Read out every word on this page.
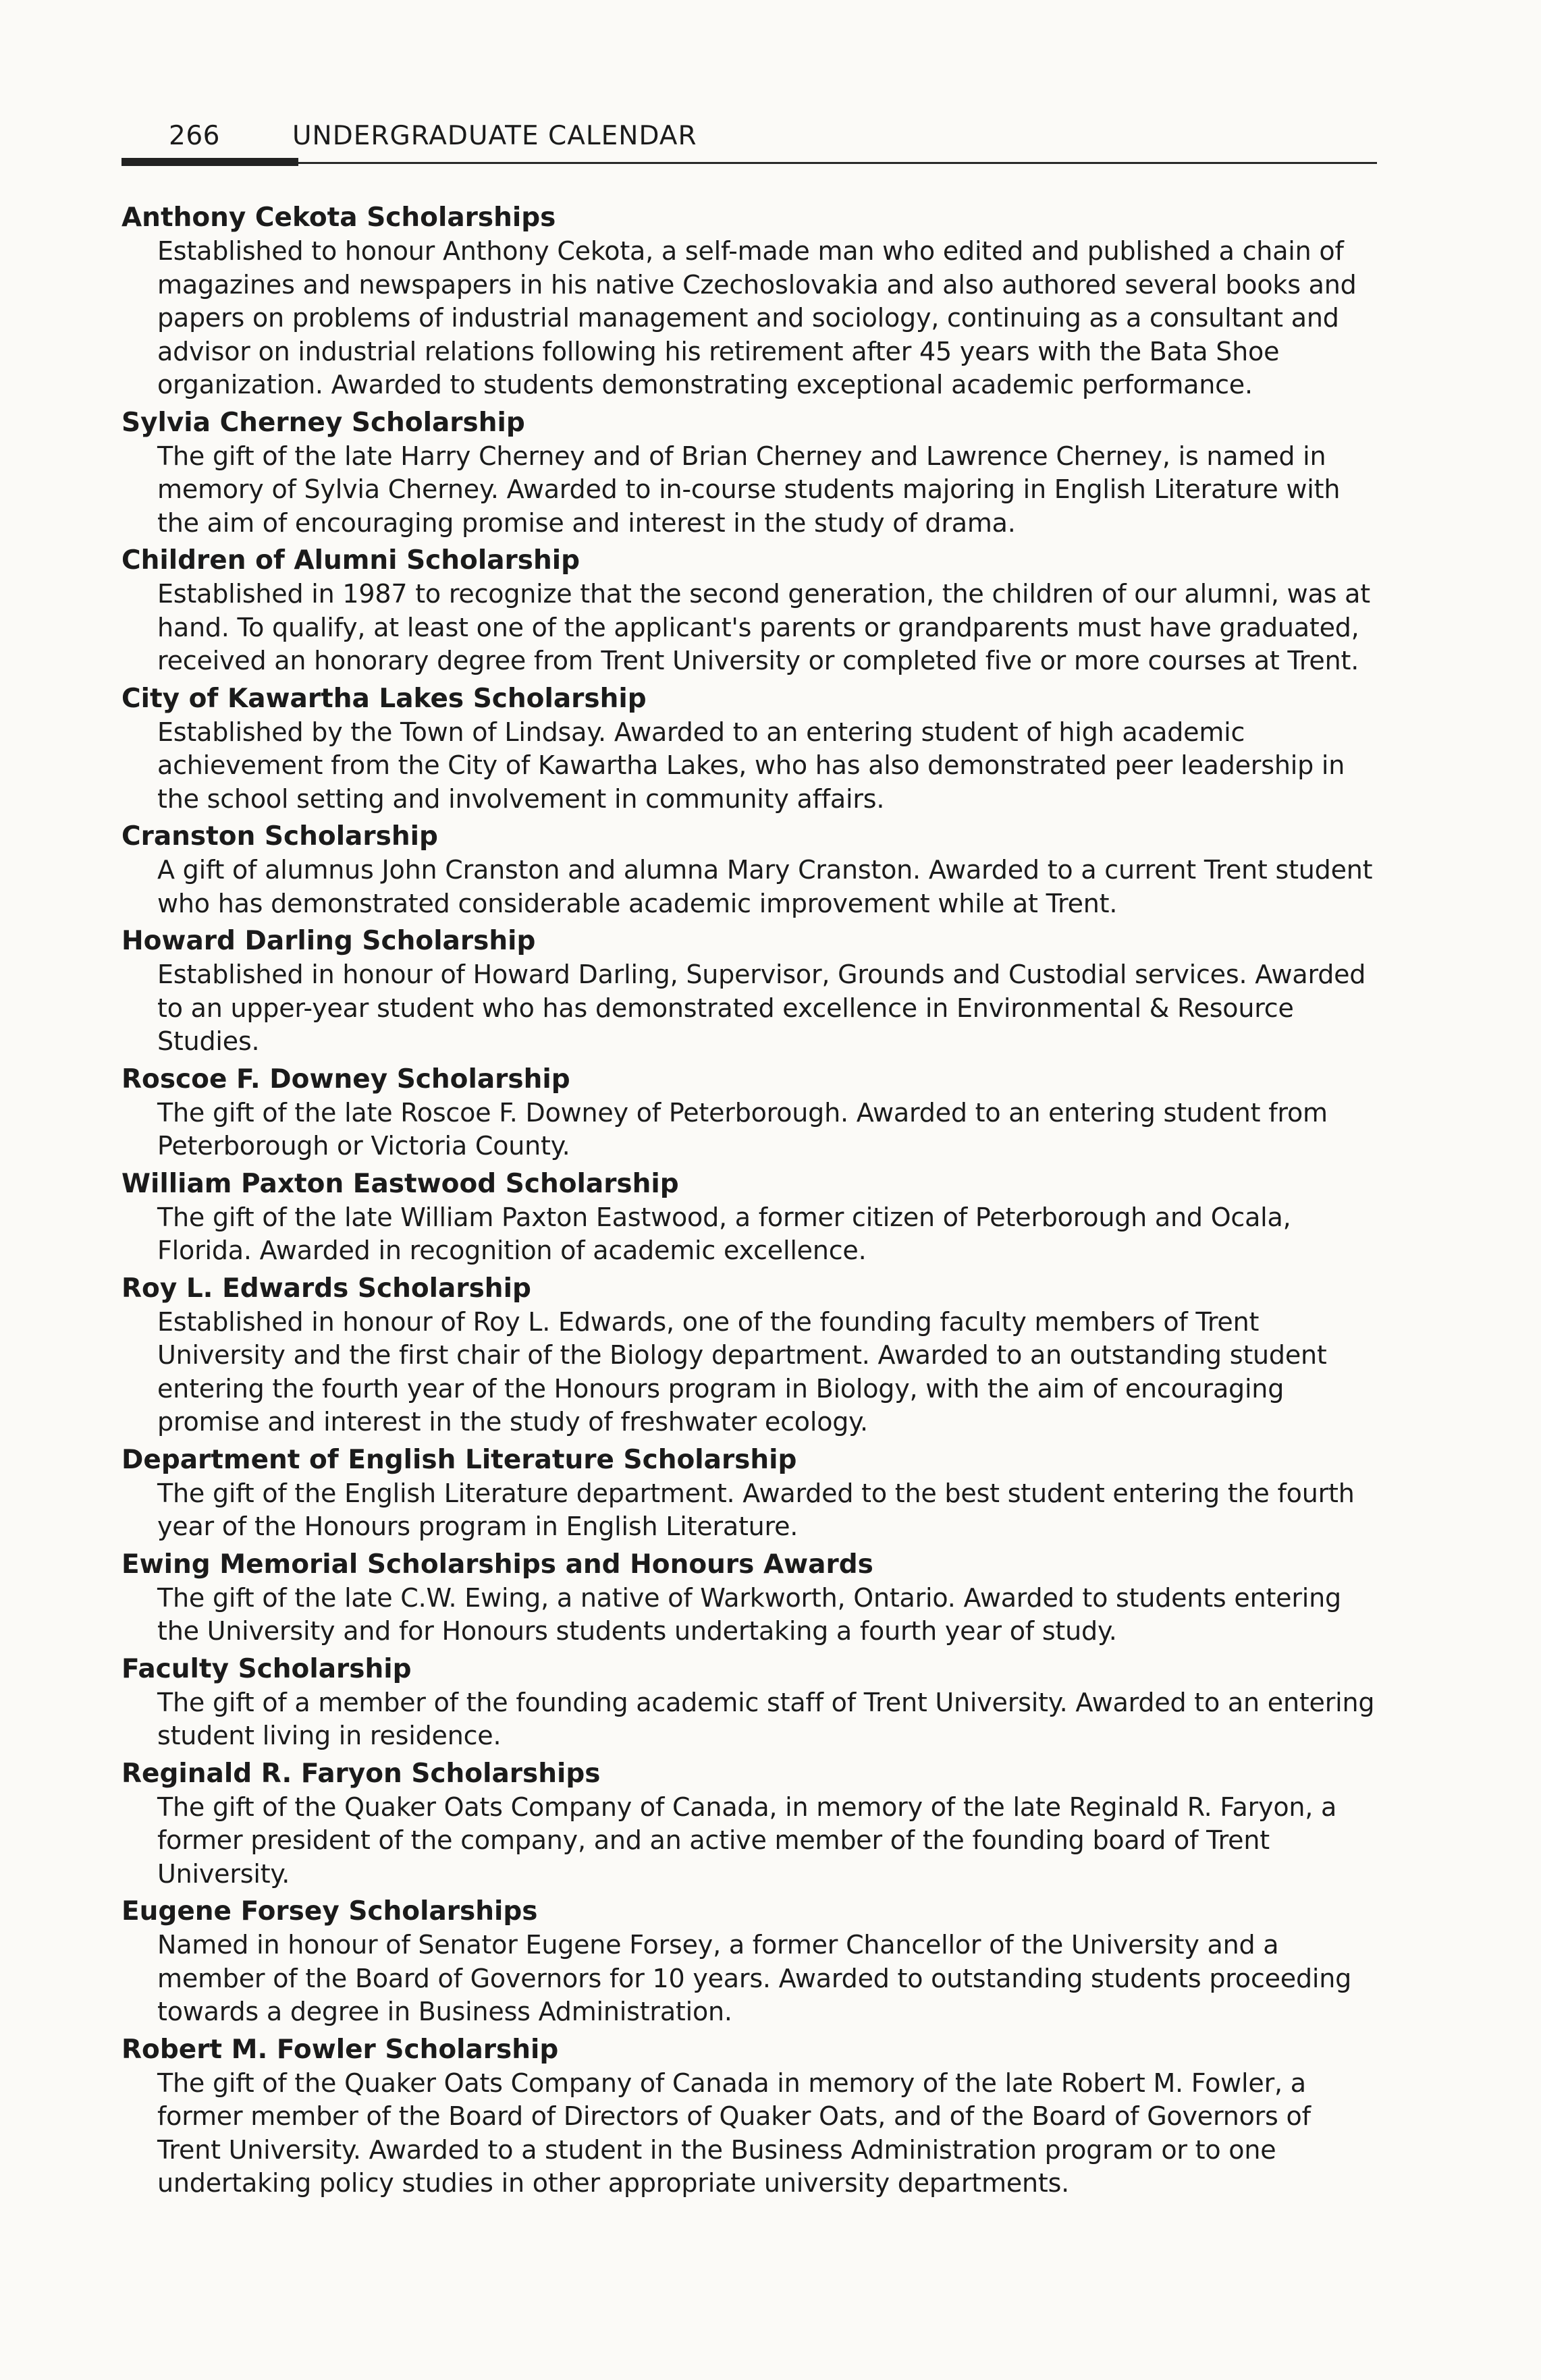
266	UNDERGRADUATE CALENDAR

Anthony Cekota Scholarships

Established to honour Anthony Cekota, a self-made man who edited and published a chain of magazines and newspapers in his native Czechoslovakia and also authored several books and papers on problems of industrial management and sociology, continuing as a consultant and advisor on industrial relations following his retirement after 45 years with the Bata Shoe organization. Awarded to students demonstrating exceptional academic performance.

Sylvia Cherney Scholarship

The gift of the late Harry Cherney and of Brian Cherney and Lawrence Cherney, is named in memory of Sylvia Cherney. Awarded to in-course students majoring in English Literature with the aim of encouraging promise and interest in the study of drama.

Children of Alumni Scholarship

Established in 1987 to recognize that the second generation, the children of our alumni, was at hand. To qualify, at least one of the applicant's parents or grandparents must have graduated, received an honorary degree from Trent University or completed five or more courses at Trent.

City of Kawartha Lakes Scholarship

Established by the Town of Lindsay. Awarded to an entering student of high academic achievement from the City of Kawartha Lakes, who has also demonstrated peer leadership in the school setting and involvement in community affairs.

Cranston Scholarship

A gift of alumnus John Cranston and alumna Mary Cranston. Awarded to a current Trent student who has demonstrated considerable academic improvement while at Trent.

Howard Darling Scholarship

Established in honour of Howard Darling, Supervisor, Grounds and Custodial services. Awarded to an upper-year student who has demonstrated excellence in Environmental & Resource Studies.

Roscoe F. Downey Scholarship

The gift of the late Roscoe F. Downey of Peterborough. Awarded to an entering student from Peterborough or Victoria County.

William Paxton Eastwood Scholarship

The gift of the late William Paxton Eastwood, a former citizen of Peterborough and Ocala, Florida. Awarded in recognition of academic excellence.

Roy L. Edwards Scholarship

Established in honour of Roy L. Edwards, one of the founding faculty members of Trent University and the first chair of the Biology department. Awarded to an outstanding student entering the fourth year of the Honours program in Biology, with the aim of encouraging promise and interest in the study of freshwater ecology.

Department of English Literature Scholarship

The gift of the English Literature department. Awarded to the best student entering the fourth year of the Honours program in English Literature.

Ewing Memorial Scholarships and Honours Awards

The gift of the late C.W. Ewing, a native of Warkworth, Ontario. Awarded to students entering the University and for Honours students undertaking a fourth year of study.

Faculty Scholarship

The gift of a member of the founding academic staff of Trent University. Awarded to an entering student living in residence.

Reginald R. Faryon Scholarships

The gift of the Quaker Oats Company of Canada, in memory of the late Reginald R. Faryon, a former president of the company, and an active member of the founding board of Trent University.

Eugene Forsey Scholarships

Named in honour of Senator Eugene Forsey, a former Chancellor of the University and a member of the Board of Governors for 10 years. Awarded to outstanding students proceeding towards a degree in Business Administration.

Robert M. Fowler Scholarship

The gift of the Quaker Oats Company of Canada in memory of the late Robert M. Fowler, a former member of the Board of Directors of Quaker Oats, and of the Board of Governors of Trent University. Awarded to a student in the Business Administration program or to one undertaking policy studies in other appropriate university departments.
